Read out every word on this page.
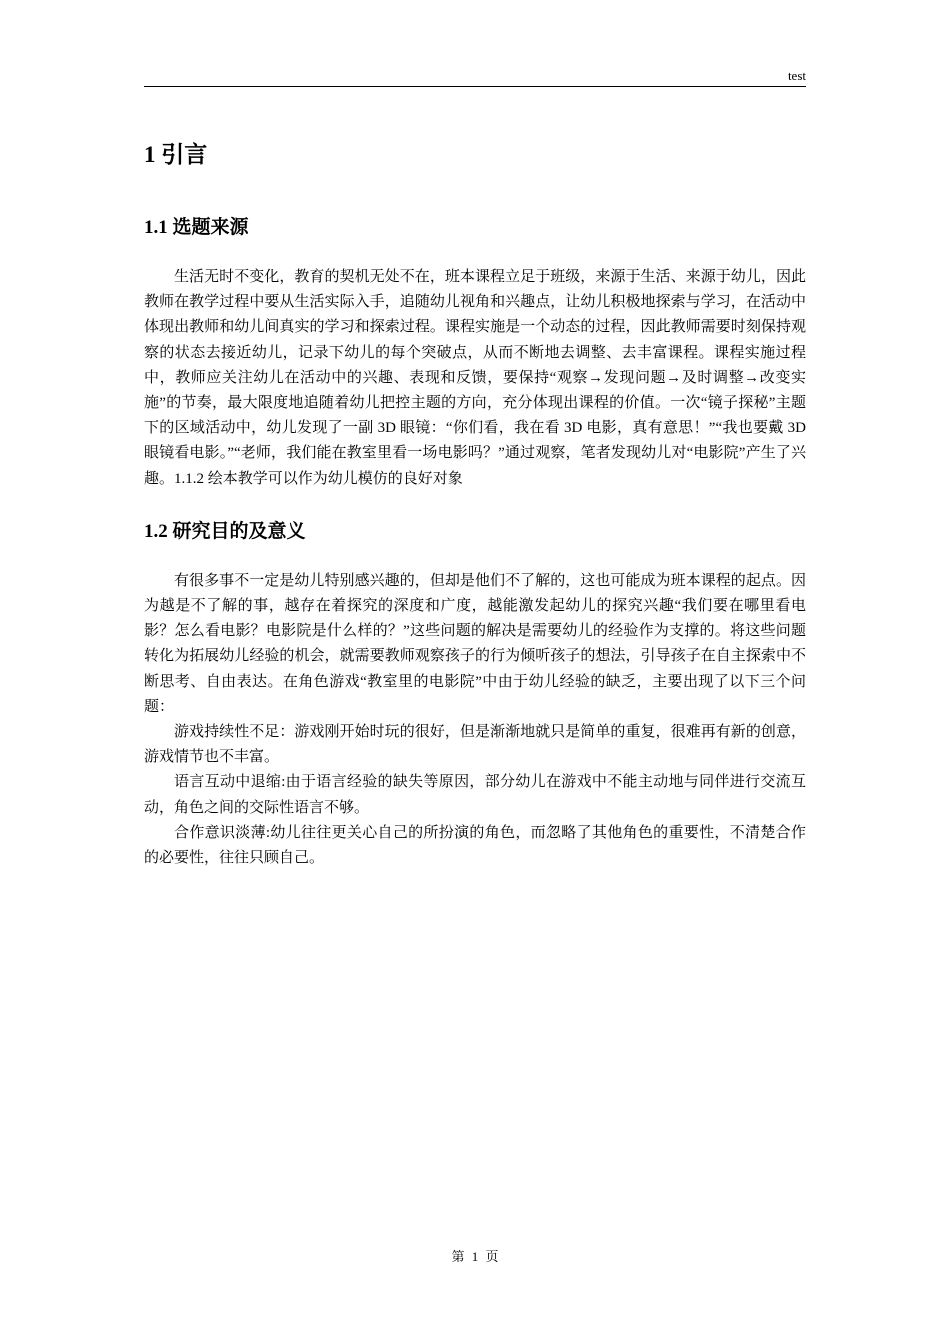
test
1 引言
1.1 选题来源

生活无时不变化，教育的契机无处不在，班本课程立足于班级，来源于生活、来源于幼儿，因此教师在教学过程中要从生活实际入手，追随幼儿视角和兴趣点，让幼儿积极地探索与学习，在活动中体现出教师和幼儿间真实的学习和探索过程。课程实施是一个动态的过程，因此教师需要时刻保持观察的状态去接近幼儿，记录下幼儿的每个突破点，从而不断地去调整、去丰富课程。课程实施过程中，教师应关注幼儿在活动中的兴趣、表现和反馈，要保持“观察→发现问题→及时调整→改变实施”的节奏，最大限度地追随着幼儿把控主题的方向，充分体现出课程的价值。一次“镜子探秘”主题下的区域活动中，幼儿发现了一副 3D 眼镜：“你们看，我在看 3D 电影，真有意思！”“我也要戴 3D 眼镜看电影。”“老师，我们能在教室里看一场电影吗？”通过观察，笔者发现幼儿对“电影院”产生了兴趣。1.1.2 绘本教学可以作为幼儿模仿的良好对象

1.2 研究目的及意义

有很多事不一定是幼儿特别感兴趣的，但却是他们不了解的，这也可能成为班本课程的起点。因为越是不了解的事，越存在着探究的深度和广度，越能激发起幼儿的探究兴趣“我们要在哪里看电影？怎么看电影？电影院是什么样的？”这些问题的解决是需要幼儿的经验作为支撑的。将这些问题转化为拓展幼儿经验的机会，就需要教师观察孩子的行为倾听孩子的想法，引导孩子在自主探索中不断思考、自由表达。在角色游戏“教室里的电影院”中由于幼儿经验的缺乏，主要出现了以下三个问题：

游戏持续性不足：游戏刚开始时玩的很好，但是渐渐地就只是简单的重复，很难再有新的创意，游戏情节也不丰富。

语言互动中退缩:由于语言经验的缺失等原因，部分幼儿在游戏中不能主动地与同伴进行交流互动，角色之间的交际性语言不够。

合作意识淡薄:幼儿往往更关心自己的所扮演的角色，而忽略了其他角色的重要性，不清楚合作的必要性，往往只顾自己。

第 1 页
